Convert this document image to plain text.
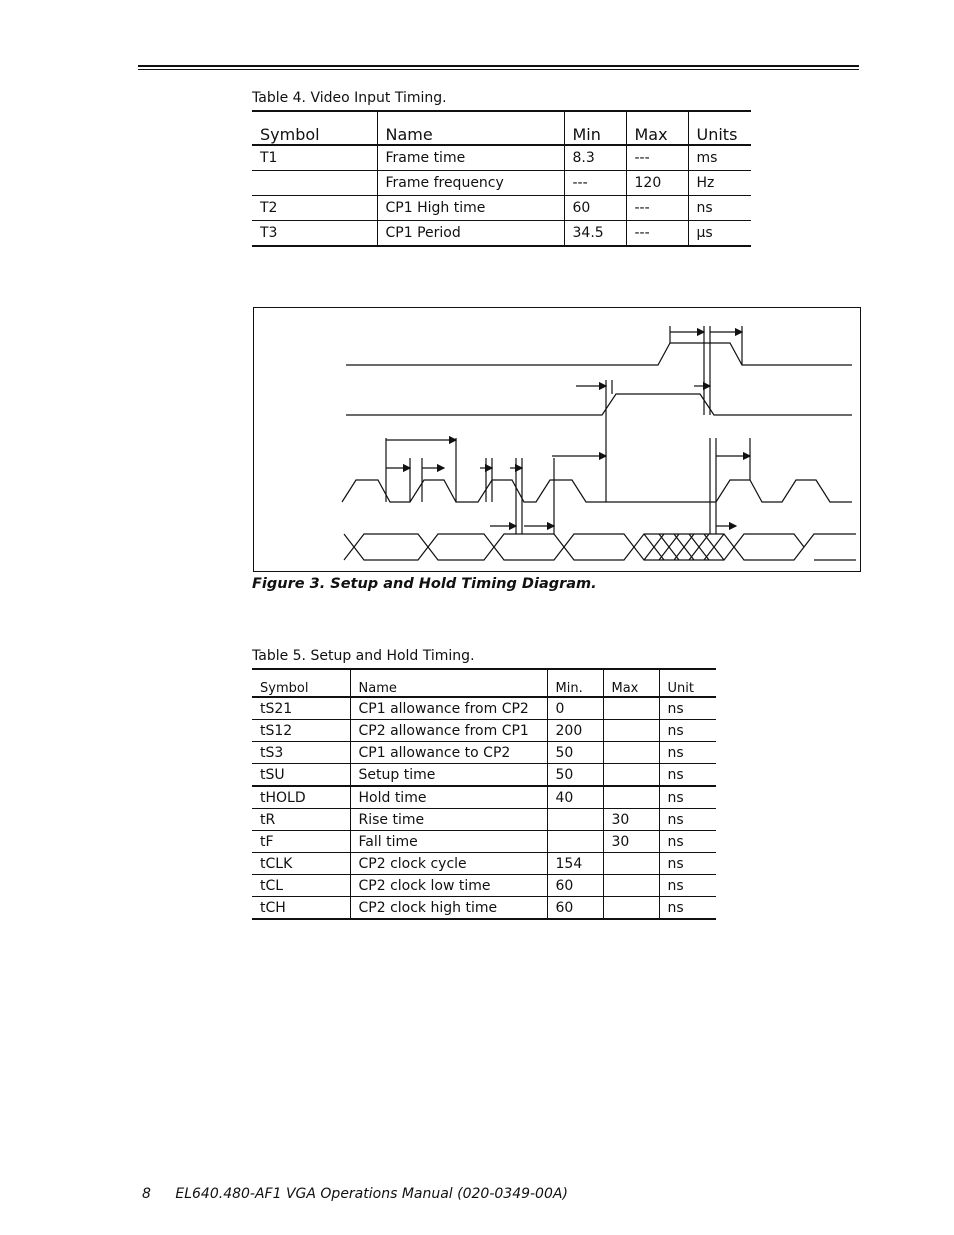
Table 4. Video Input Timing.
Symbol	Name	Min	Max	Units
T1	Frame time	8.3	---	ms
	Frame frequency	---	120	Hz
T2	CP1 High time	60	---	ns
T3	CP1 Period	34.5	---	µs
Figure 3. Setup and Hold Timing Diagram.
Table 5. Setup and Hold Timing.
Symbol	Name	Min.	Max	Unit
tS21	CP1 allowance from CP2	0		ns
tS12	CP2 allowance from CP1	200		ns
tS3	CP1 allowance to CP2	50		ns
tSU	Setup time	50		ns
tHOLD	Hold time	40		ns
tR	Rise time		30	ns
tF	Fall time		30	ns
tCLK	CP2 clock cycle	154		ns
tCL	CP2 clock low time	60		ns
tCH	CP2 clock high time	60		ns
8 EL640.480-AF1 VGA Operations Manual (020-0349-00A)
